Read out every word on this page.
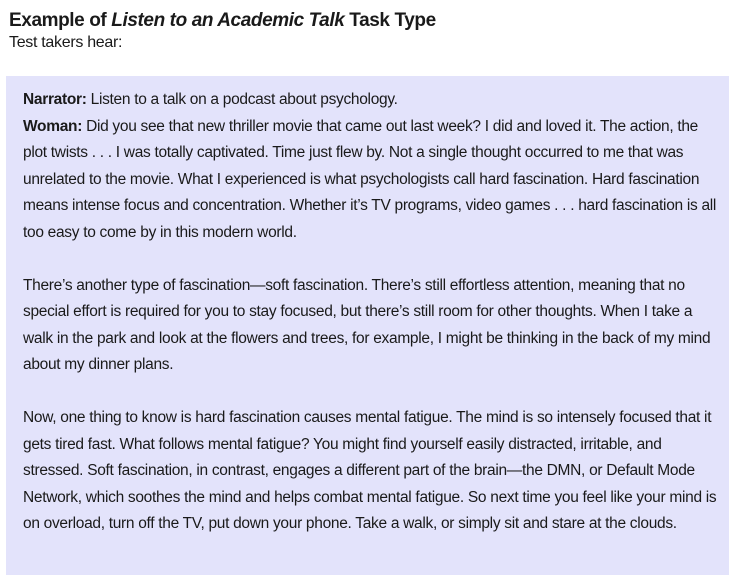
Example of Listen to an Academic Talk Task Type
Test takers hear:

Narrator: Listen to a talk on a podcast about psychology.

Woman: Did you see that new thriller movie that came out last week? I did and loved it. The action, the plot twists . . . I was totally captivated. Time just flew by. Not a single thought occurred to me that was unrelated to the movie. What I experienced is what psychologists call hard fascination. Hard fascination means intense focus and concentration. Whether it’s TV programs, video games . . . hard fascination is all too easy to come by in this modern world.

There’s another type of fascination—soft fascination. There’s still effortless attention, meaning that no special effort is required for you to stay focused, but there’s still room for other thoughts. When I take a walk in the park and look at the flowers and trees, for example, I might be thinking in the back of my mind about my dinner plans.

Now, one thing to know is hard fascination causes mental fatigue. The mind is so intensely focused that it gets tired fast. What follows mental fatigue? You might find yourself easily distracted, irritable, and stressed. Soft fascination, in contrast, engages a different part of the brain—the DMN, or Default Mode Network, which soothes the mind and helps combat mental fatigue. So next time you feel like your mind is on overload, turn off the TV, put down your phone. Take a walk, or simply sit and stare at the clouds.
